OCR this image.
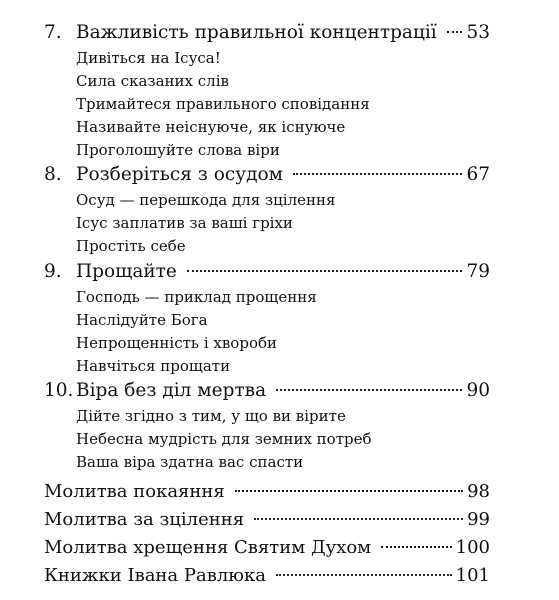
7. Важливість правильної концентрації 53
Дивіться на Ісуса!
Сила сказаних слів
Тримайтеся правильного сповідання
Називайте неіснуюче, як існуюче
Проголошуйте слова віри
8. Розберіться з осудом	67
Осуд — перешкода для зцілення
Ісус заплатив за ваші гріхи
Простіть себе
9. Прощайте	79
Господь — приклад прощення
Наслідуйте Бога
Непрощенність і хвороби
Навчіться прощати
10. Віра без діл мертва	90
Дійте згідно з тим, у що ви вірите
Небесна мудрість для земних потреб
Ваша віра здатна вас спасти
Молитва покаяння	98
Молитва за зцілення	99
Молитва хрещення Святим Духом	100
Книжки Івана Равлюка	101
